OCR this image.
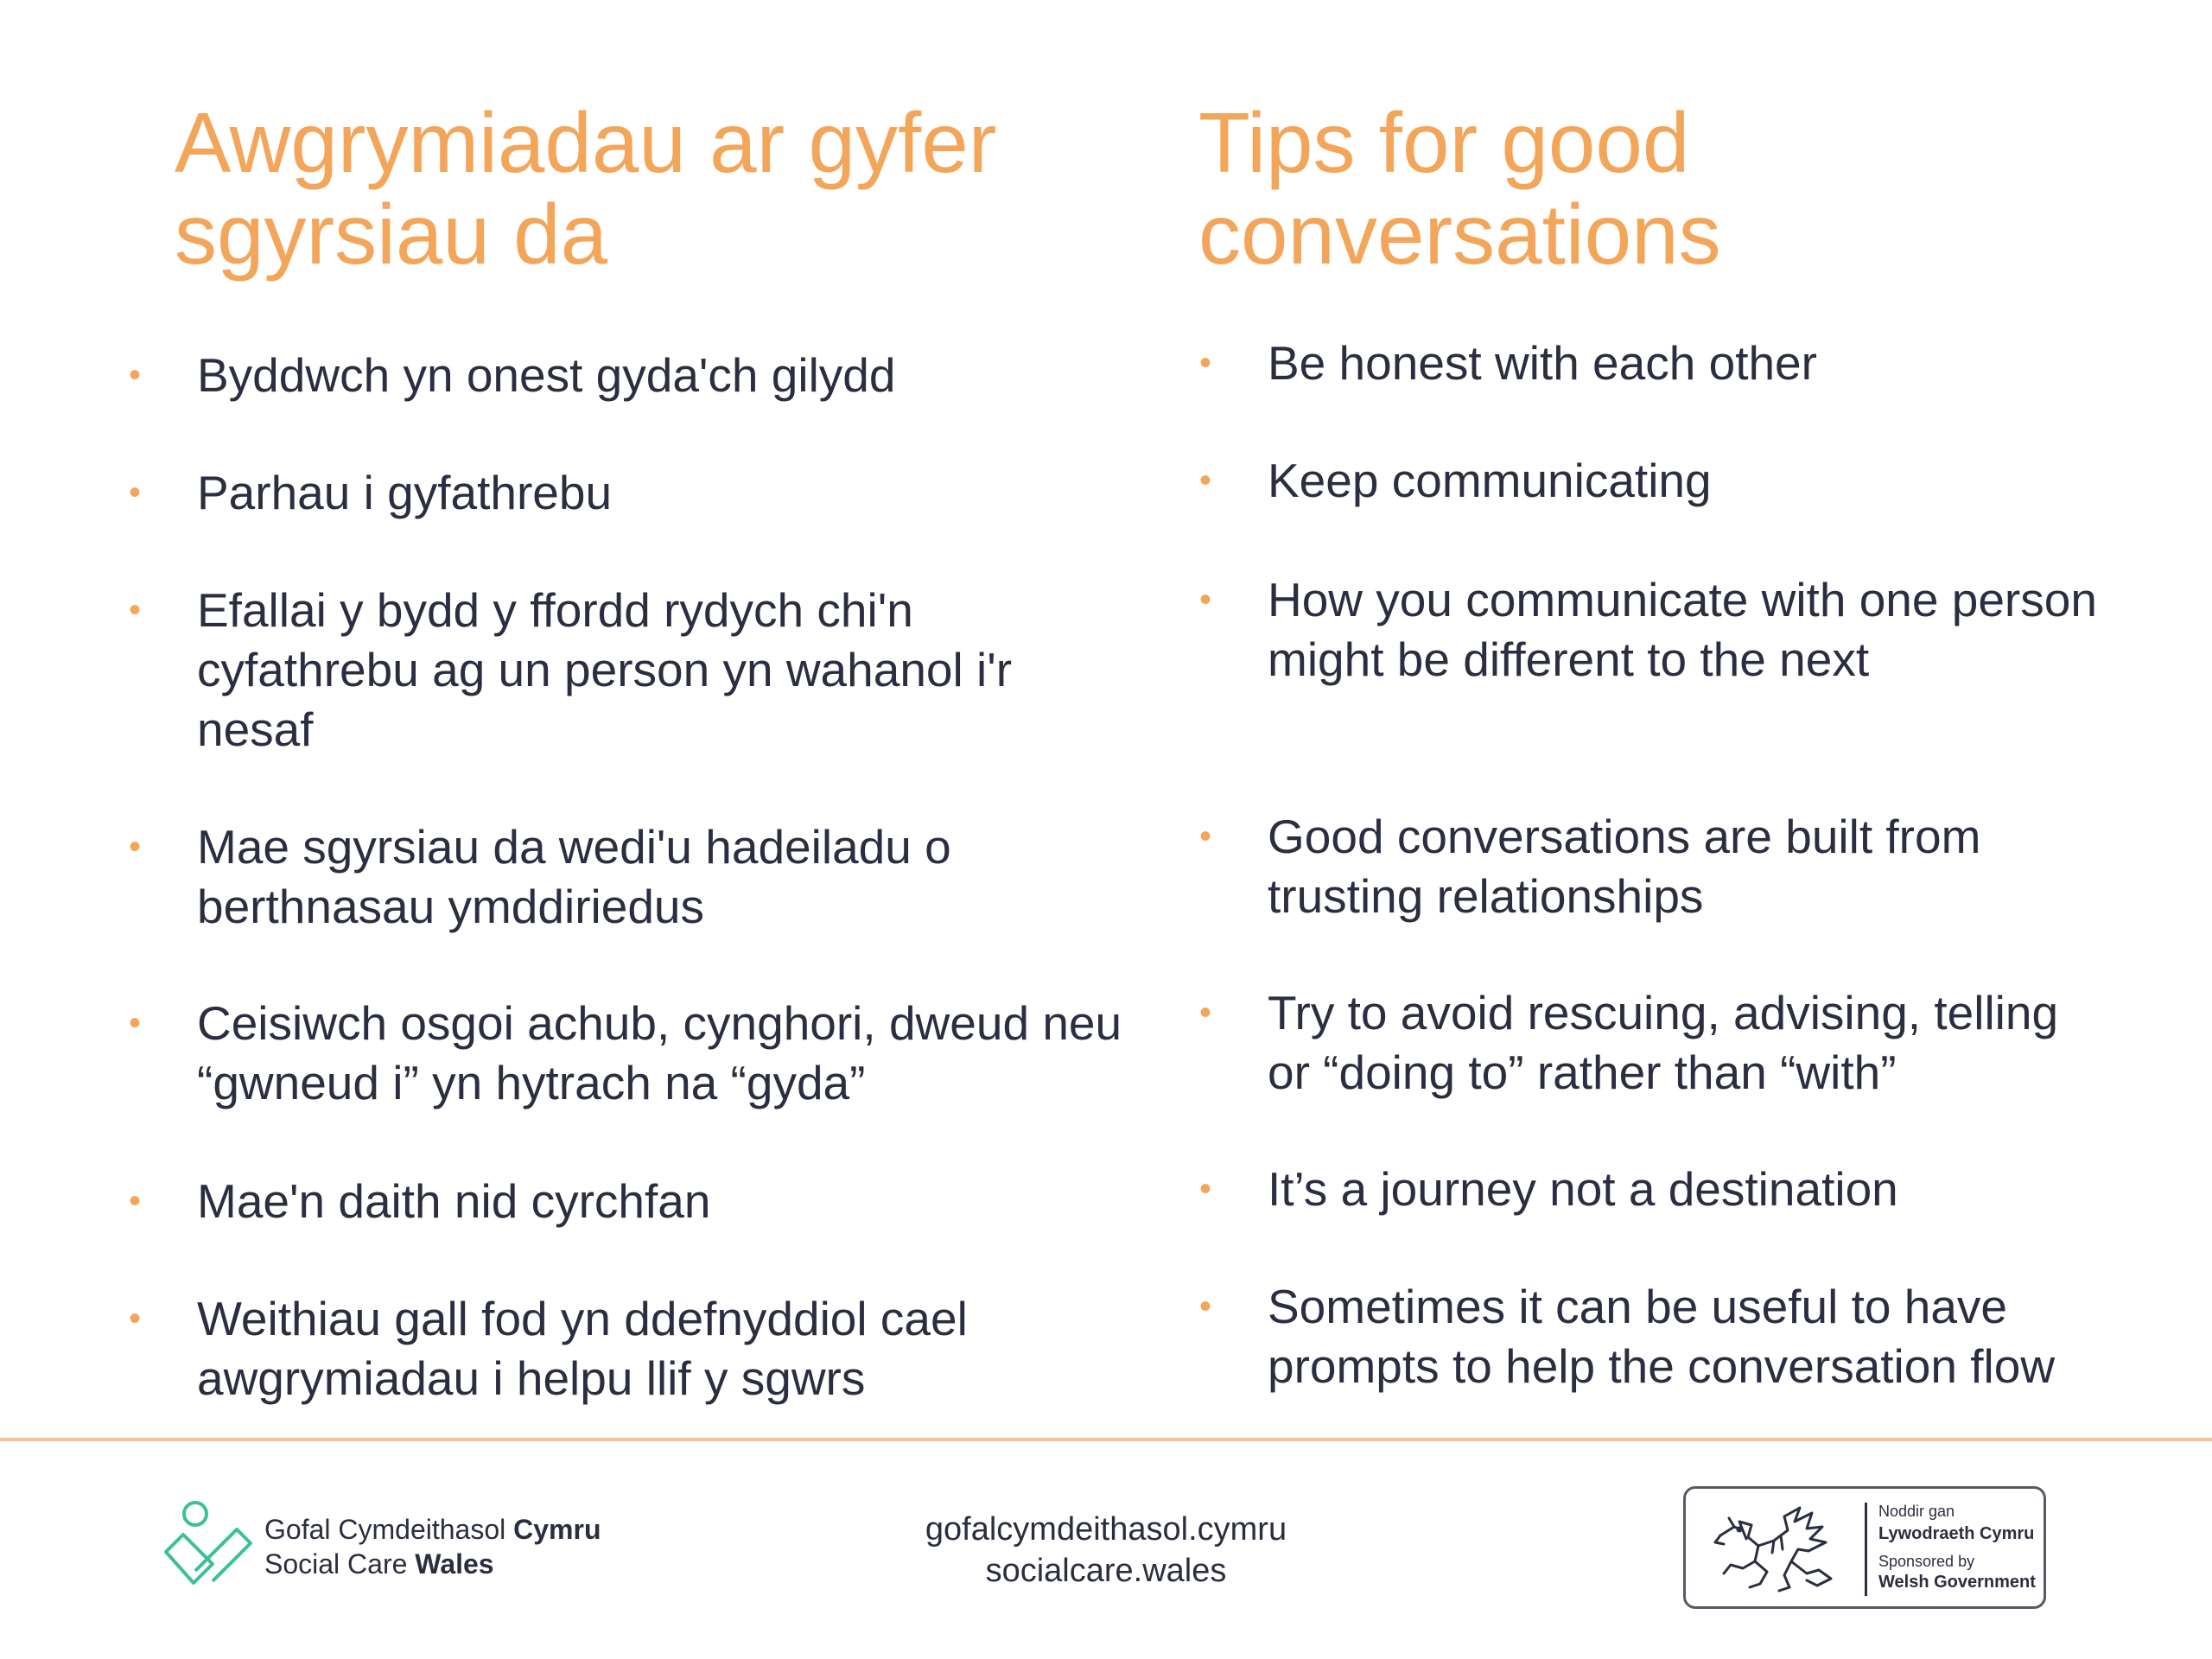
Awgrymiadau ar gyfer
sgyrsiau da
Tips for good
conversations
• Byddwch yn onest gyda'ch gilydd
• Parhau i gyfathrebu
• Efallai y bydd y ffordd rydych chi'n
cyfathrebu ag un person yn wahanol i'r
nesaf
• Mae sgyrsiau da wedi'u hadeiladu o
berthnasau ymddiriedus
• Ceisiwch osgoi achub, cynghori, dweud neu
“gwneud i” yn hytrach na “gyda”
• Mae'n daith nid cyrchfan
• Weithiau gall fod yn ddefnyddiol cael
awgrymiadau i helpu llif y sgwrs
• Be honest with each other
• Keep communicating
• How you communicate with one person
might be different to the next
• Good conversations are built from
trusting relationships
• Try to avoid rescuing, advising, telling
or “doing to” rather than “with”
• It’s a journey not a destination
• Sometimes it can be useful to have
prompts to help the conversation flow
Gofal Cymdeithasol Cymru
Social Care Wales
gofalcymdeithasol.cymru
socialcare.wales
Noddir gan
Lywodraeth Cymru
Sponsored by
Welsh Government
